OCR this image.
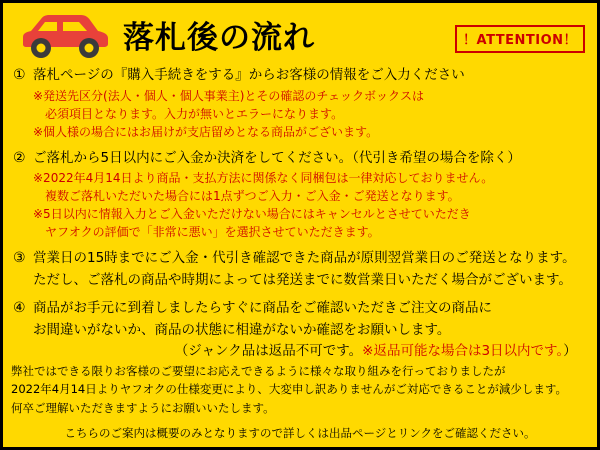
落札後の流れ	！ATTENTION！
① 落札ページの『購入手続きをする』からお客様の情報をご入力ください
※発送先区分(法人・個人・個人事業主)とその確認のチェックボックスは
　必須項目となります。入力が無いとエラーになります。
※個人様の場合にはお届けが支店留めとなる商品がございます。
② ご落札から5日以内にご入金か決済をしてください。（代引き希望の場合を除く）
※2022年4月14日より商品・支払方法に関係なく同梱包は一律対応しておりません。
　複数ご落札いただいた場合には1点ずつご入力・ご入金・ご発送となります。
※5日以内に情報入力とご入金いただけない場合にはキャンセルとさせていただき
　ヤフオクの評価で「非常に悪い」を選択させていただきます。
③ 営業日の15時までにご入金・代引き確認できた商品が原則翌営業日のご発送となります。
ただし、ご落札の商品や時期によっては発送までに数営業日いただく場合がございます。
④ 商品がお手元に到着しましたらすぐに商品をご確認いただきご注文の商品に
お間違いがないか、商品の状態に相違がないか確認をお願いします。
　　　　　　　　　　　（ジャンク品は返品不可です。※返品可能な場合は3日以内です。）
弊社ではできる限りお客様のご要望にお応えできるように様々な取り組みを行っておりましたが
2022年4月14日よりヤフオクの仕様変更により、大変申し訳ありませんがご対応できることが減少します。
何卒ご理解いただきますようにお願いいたします。
こちらのご案内は概要のみとなりますので詳しくは出品ページとリンクをご確認ください。
